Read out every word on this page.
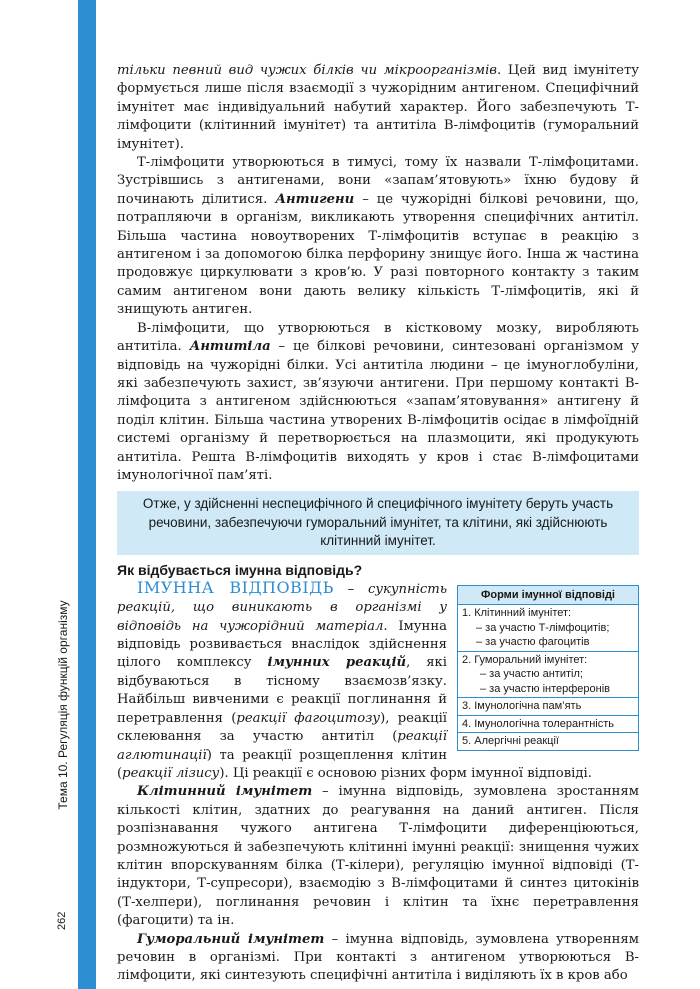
Тема 10. Регуляція функцій організму
262

тільки певний вид чужих білків чи мікроорганізмів. Цей вид імунітету формується лише після взаємодії з чужорідним антигеном. Специфічний імунітет має індивідуальний набутий характер. Його забезпечують Т-лімфоцити (клітинний імунітет) та антитіла В-лімфоцитів (гуморальний імунітет).

Т-лімфоцити утворюються в тимусі, тому їх назвали Т-лімфоцитами. Зустрівшись з антигенами, вони «запам’ятовують» їхню будову й починають ділитися. Антигени – це чужорідні білкові речовини, що, потрапляючи в організм, викликають утворення специфічних антитіл. Більша частина новоутворених Т-лімфоцитів вступає в реакцію з антигеном і за допомогою білка перфорину знищує його. Інша ж частина продовжує циркулювати з кров’ю. У разі повторного контакту з таким самим антигеном вони дають велику кількість Т-лімфоцитів, які й знищують антиген.

В-лімфоцити, що утворюються в кістковому мозку, виробляють антитіла. Антитіла – це білкові речовини, синтезовані організмом у відповідь на чужорідні білки. Усі антитіла людини – це імуноглобуліни, які забезпечують захист, зв’язуючи антигени. При першому контакті В-лімфоцита з антигеном здійснюються «запам’ятовування» антигену й поділ клітин. Більша частина утворених В-лімфоцитів осідає в лімфоїдній системі організму й перетворюється на плазмоцити, які продукують антитіла. Решта В-лімфоцитів виходять у кров і стає В-лімфоцитами імунологічної пам’яті.

Отже, у здійсненні неспецифічного й специфічного імунітету беруть участь речовини, забезпечуючи гуморальний імунітет, та клітини, які здійснюють клітинний імунітет.
Як відбувається імунна відповідь?
Форми імунної відповіді
1. Клітинний імунітет:
– за участю Т-лімфоцитів;
– за участю фагоцитів
2. Гуморальний імунітет:
– за участю антитіл;
– за участю інтерферонів
3. Імунологічна пам’ять
4. Імунологічна толерантність
5. Алергічні реакції

ІМУННА ВІДПОВІДЬ – сукупність реакцій, що виникають в організмі у відповідь на чужорідний матеріал. Імунна відповідь розвивається внаслідок здійснення цілого комплексу імунних реакцій, які відбуваються в тісному взаємозв’язку. Найбільш вивченими є реакції поглинання й перетравлення (реакції фагоцитозу), реакції склеювання за участю антитіл (реакції аглютинації) та реакції розщеплення клітин (реакції лізису). Ці реакції є основою різних форм імунної відповіді.

Клітинний імунітет – імунна відповідь, зумовлена зростанням кількості клітин, здатних до реагування на даний антиген. Після розпізнавання чужого антигена Т-лімфоцити диференціюються, розмножуються й забезпечують клітинні імунні реакції: знищення чужих клітин впорскуванням білка (Т-кілери), регуляцію імунної відповіді (Т-індуктори, Т-супресори), взаємодію з В-лімфоцитами й синтез цитокінів (Т-хелпери), поглинання речовин і клітин та їхнє перетравлення (фагоцити) та ін.

Гуморальний імунітет – імунна відповідь, зумовлена утворенням речовин в організмі. При контакті з антигеном утворюються В-лімфоцити, які синтезують специфічні антитіла і виділяють їх в кров або
